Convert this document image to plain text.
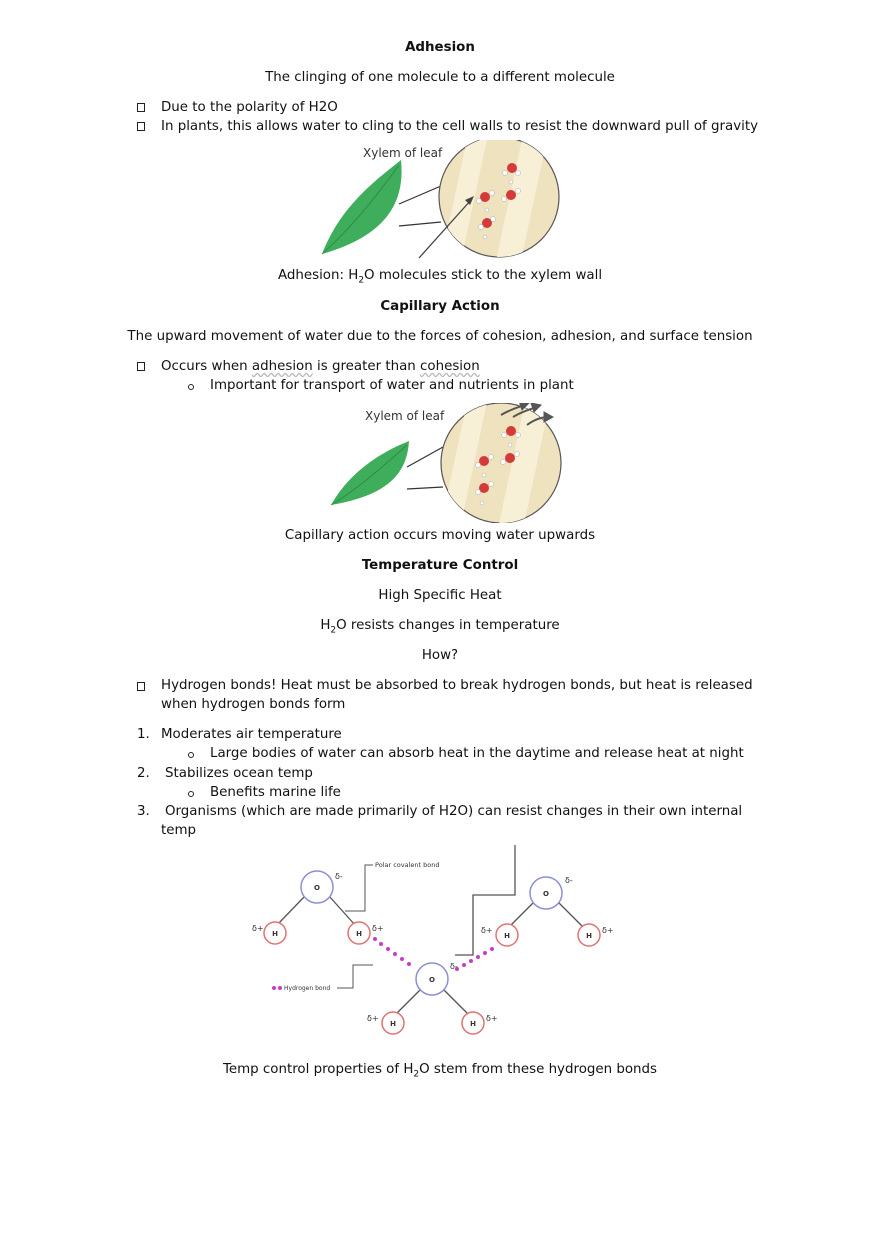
Adhesion
The clinging of one molecule to a different molecule
Due to the polarity of H2O
In plants, this allows water to cling to the cell walls to resist the downward pull of gravity
Xylem of leaf
Adhesion: $H_2O$ molecules stick to the xylem wall
Capillary Action
The upward movement of water due to the forces of cohesion, adhesion, and surface tension
Occurs when adhesion is greater than cohesion
Important for transport of water and nutrients in plant
Xylem of leaf
Capillary action occurs moving water upwards
Temperature Control
High Specific Heat
$H_2O$ resists changes in temperature
How?
Hydrogen bonds! Heat must be absorbed to break hydrogen bonds, but heat is released
when hydrogen bonds form
1. Moderates air temperature
Large bodies of water can absorb heat in the daytime and release heat at night
2. Stabilizes ocean temp
Benefits marine life
3. Organisms (which are made primarily of H2O) can resist changes in their own internal
temp
O
O
O
H	H	H	H
H	H
δ-	δ-
δ-
δ+	δ+	δ+	δ+
δ+	δ+
Polar covalent bond
Hydrogen bond
Temp control properties of $H_2O$ stem from these hydrogen bonds
